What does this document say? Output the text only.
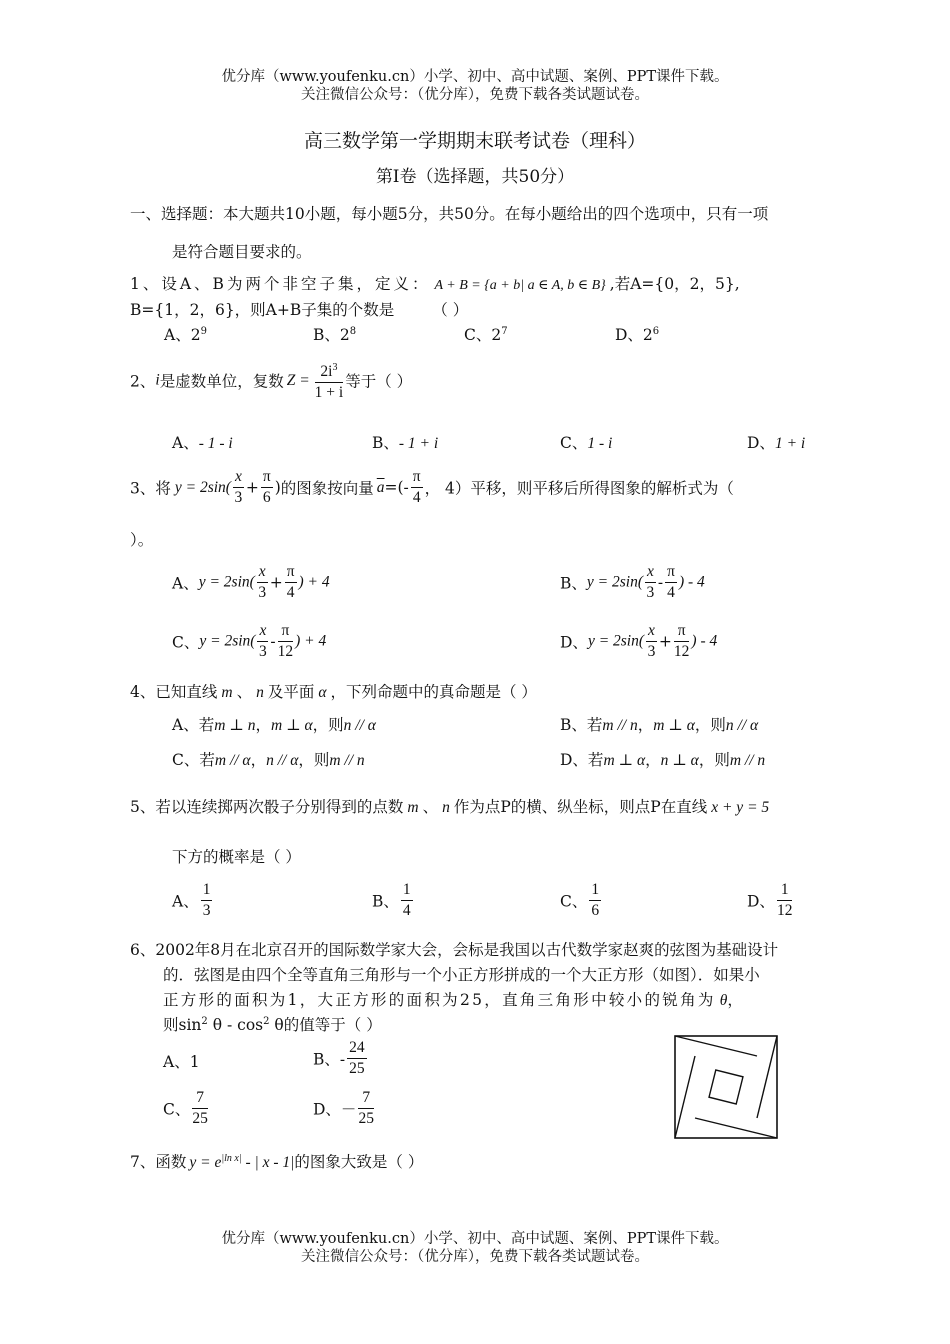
优分库（www.youfenku.cn）小学、初中、高中试题、案例、PPT课件下载。
关注微信公众号：（优分库），免费下载各类试题试卷。
高三数学第一学期期末联考试卷（理科）
第I卷（选择题，共50分）
一、选择题：本大题共10小题，每小题5分，共50分。在每小题给出的四个选项中，只有一项
是符合题目要求的。
1、设A、B为两个非空子集，定义： A + B = {a + b| a ∈ A, b ∈ B} ,若A={0，2，5},
B={1，2，6}，则A+B子集的个数是 （ ）
A、$2^9$	B、$2^8$	C、$2^7$	D、$2^6$
2、i是虚数单位，复数 $Z = \frac{2i^3}{1 + i}$ 等于（ ）
A、- 1 - i	B、- 1 + i	C、1 - i	D、1 + i
3、将 $y = 2\sin( \frac{x}{3} + \frac{\pi}{6}$ )的图象按向量 $\overline{a}=(- \frac{\pi}{4}$ ， 4）平移，则平移后所得图象的解析式为（
）。
A、$y = 2\sin( \frac{x}{3} + \frac{\pi}{4}$ ) + 4	B、$y = 2\sin( \frac{x}{3} - \frac{\pi}{4}$ ) - 4
C、$y = 2\sin( \frac{x}{3} - \frac{\pi}{12}$ ) + 4	D、$y = 2\sin( \frac{x}{3} + \frac{\pi}{12}$ ) - 4
4、已知直线 m 、 n 及平面 α ，下列命题中的真命题是（ ）
A、若m ⊥ n，m ⊥ α，则n // α	B、若m // n，m ⊥ α，则n // α
C、若m // α，n // α，则m // n	D、若m ⊥ α，n ⊥ α，则m // n
5、若以连续掷两次骰子分别得到的点数 m 、 n 作为点P的横、纵坐标，则点P在直线 x + y = 5
下方的概率是（ ）
A、 $\frac{1}{3}$	B、 $\frac{1}{4}$	C、 $\frac{1}{6}$	D、 $\frac{1}{12}$
6、2002年8月在北京召开的国际数学家大会，会标是我国以古代数学家赵爽的弦图为基础设计
的．弦图是由四个全等直角三角形与一个小正方形拼成的一个大正方形（如图）．如果小
正方形的面积为1，大正方形的面积为25，直角三角形中较小的锐角为 θ，
则$\sin^2 \theta - \cos^2 \theta$的值等于（ ）
A、1	B、- $\frac{24}{25}$
C、 $\frac{7}{25}$	D、－ $\frac{7}{25}$
7、函数 $y = e^{|ln x|}$ - | x - 1|的图象大致是（ ）
优分库（www.youfenku.cn）小学、初中、高中试题、案例、PPT课件下载。
关注微信公众号：（优分库），免费下载各类试题试卷。
